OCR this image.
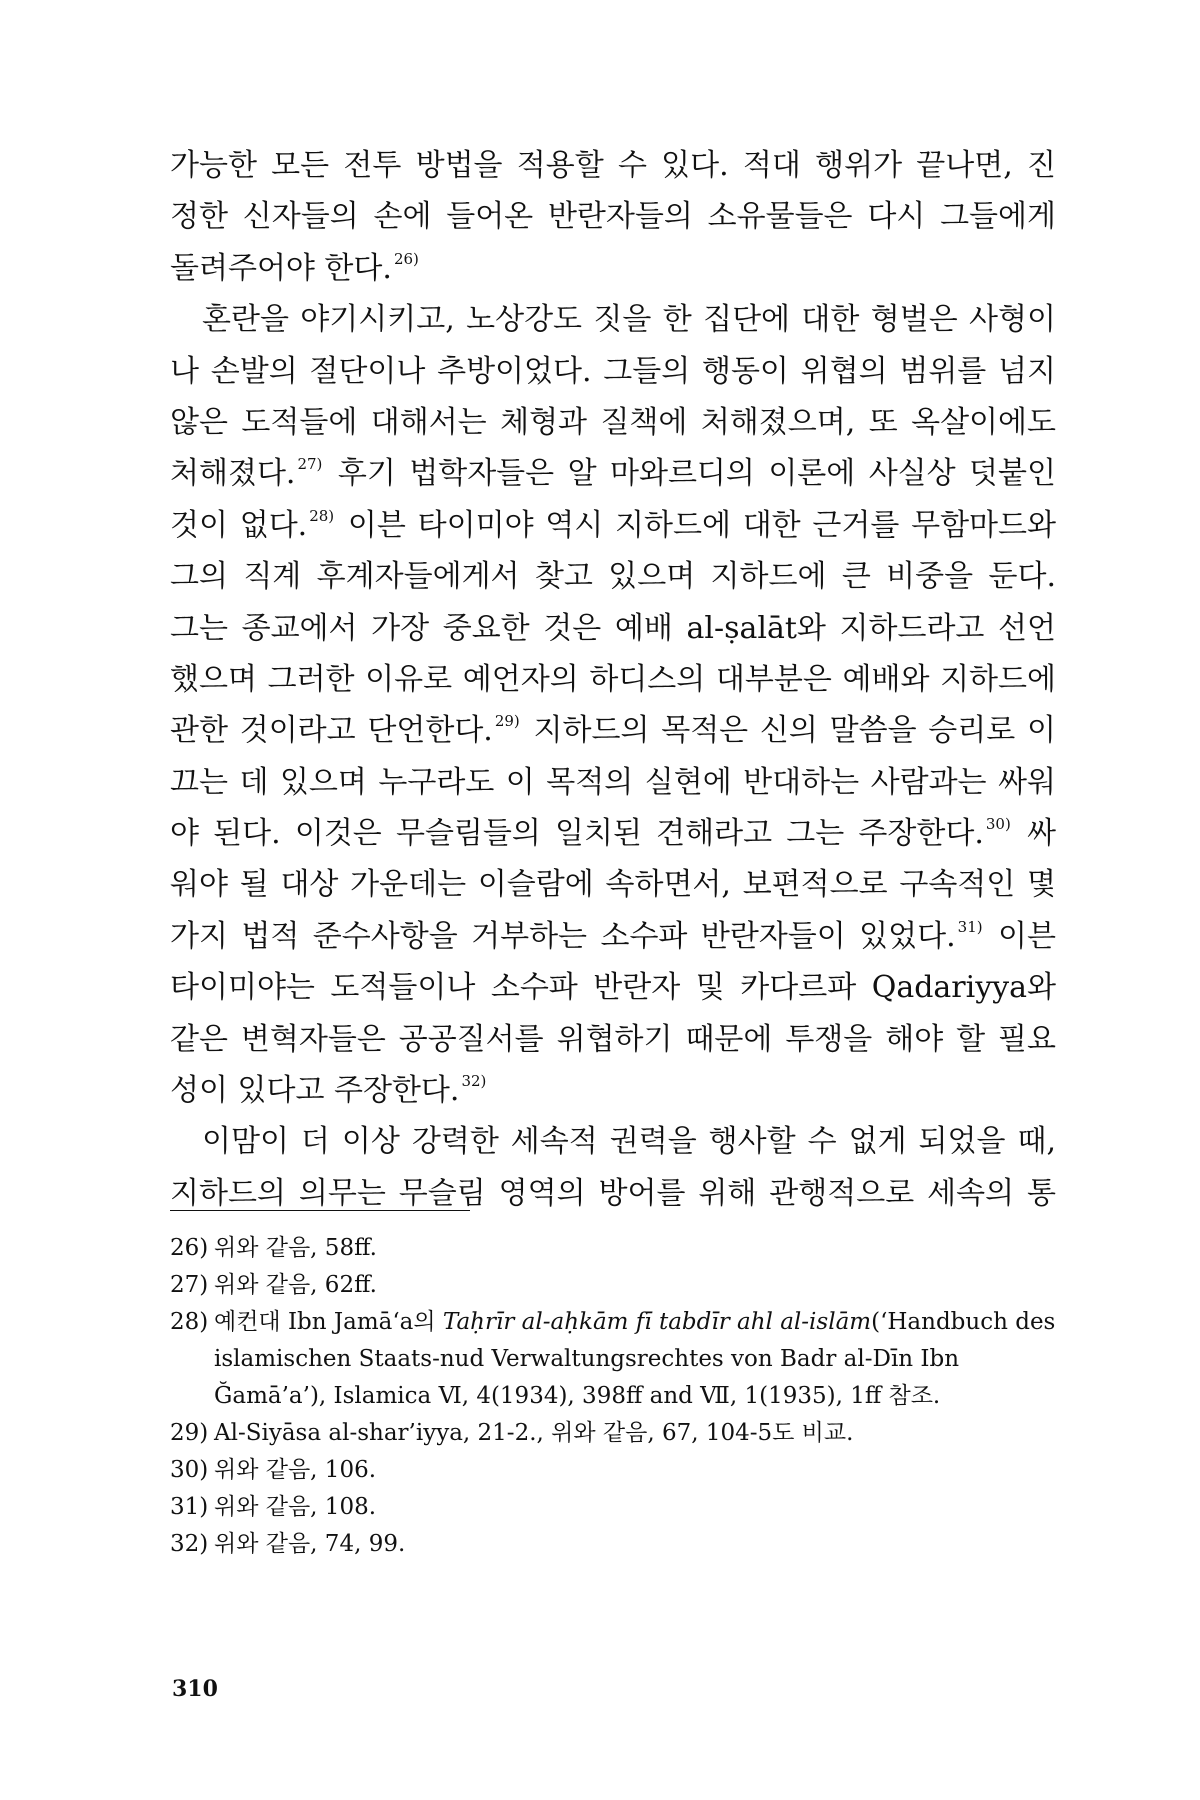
가능한 모든 전투 방법을 적용할 수 있다. 적대 행위가 끝나면, 진
정한 신자들의 손에 들어온 반란자들의 소유물들은 다시 그들에게
돌려주어야 한다. $^{26)}$
혼란을 야기시키고, 노상강도 짓을 한 집단에 대한 형벌은 사형이
나 손발의 절단이나 추방이었다. 그들의 행동이 위협의 범위를 넘지
않은 도적들에 대해서는 체형과 질책에 처해졌으며, 또 옥살이에도
처해졌다. $^{27)}$ 후기 법학자들은 알 마와르디의 이론에 사실상 덧붙인
것이 없다. $^{28)}$ 이븐 타이미야 역시 지하드에 대한 근거를 무함마드와
그의 직계 후계자들에게서 찾고 있으며 지하드에 큰 비중을 둔다.
그는 종교에서 가장 중요한 것은 예배 al-ṣalāt와 지하드라고 선언
했으며 그러한 이유로 예언자의 하디스의 대부분은 예배와 지하드에
관한 것이라고 단언한다. $^{29)}$ 지하드의 목적은 신의 말씀을 승리로 이
끄는 데 있으며 누구라도 이 목적의 실현에 반대하는 사람과는 싸워
야 된다. 이것은 무슬림들의 일치된 견해라고 그는 주장한다. $^{30)}$ 싸
워야 될 대상 가운데는 이슬람에 속하면서, 보편적으로 구속적인 몇
가지 법적 준수사항을 거부하는 소수파 반란자들이 있었다. $^{31)}$ 이븐
타이미야는 도적들이나 소수파 반란자 및 카다르파 Qadariyya와
같은 변혁자들은 공공질서를 위협하기 때문에 투쟁을 해야 할 필요
성이 있다고 주장한다. $^{32)}$
이맘이 더 이상 강력한 세속적 권력을 행사할 수 없게 되었을 때,
지하드의 의무는 무슬림 영역의 방어를 위해 관행적으로 세속의 통
26) 위와 같음, 58ff.
27) 위와 같음, 62ff.
28) 예컨대 Ibn Jamā‘a의 Taḥrīr al-aḥkām fī tabdīr ahl al-islām(‘Handbuch des islamischen Staats-nud Verwaltungsrechtes von Badr al-Dīn Ibn Ğamā’a’), Islamica Ⅵ, 4(1934), 398ff and Ⅶ, 1(1935), 1ff 참조.
29) Al-Siyāsa al-shar’iyya, 21-2., 위와 같음, 67, 104-5도 비교.
30) 위와 같음, 106.
31) 위와 같음, 108.
32) 위와 같음, 74, 99.
310
